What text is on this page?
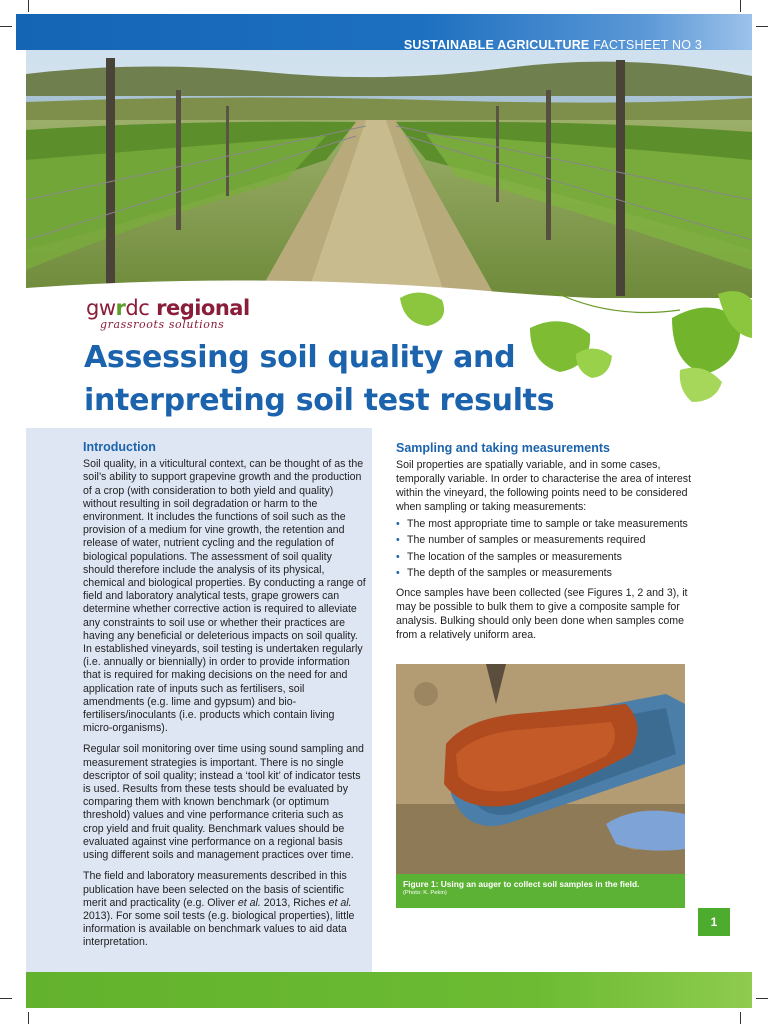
SUSTAINABLE AGRICULTURE FACTSHEET NO 3
gwrdc regional
grassroots solutions
Assessing soil quality and
interpreting soil test results
Introduction

Soil quality, in a viticultural context, can be thought of as the soil’s ability to support grapevine growth and the production of a crop (with consideration to both yield and quality) without resulting in soil degradation or harm to the environment. It includes the functions of soil such as the provision of a medium for vine growth, the retention and release of water, nutrient cycling and the regulation of biological populations. The assessment of soil quality should therefore include the analysis of its physical, chemical and biological properties. By conducting a range of field and laboratory analytical tests, grape growers can determine whether corrective action is required to alleviate any constraints to soil use or whether their practices are having any beneficial or deleterious impacts on soil quality. In established vineyards, soil testing is undertaken regularly (i.e. annually or biennially) in order to provide information that is required for making decisions on the need for and application rate of inputs such as fertilisers, soil amendments (e.g. lime and gypsum) and bio-fertilisers/inoculants (i.e. products which contain living micro-organisms).

Regular soil monitoring over time using sound sampling and measurement strategies is important. There is no single descriptor of soil quality; instead a ‘tool kit’ of indicator tests is used. Results from these tests should be evaluated by comparing them with known benchmark (or optimum threshold) values and vine performance criteria such as crop yield and fruit quality. Benchmark values should be evaluated against vine performance on a regional basis using different soils and management practices over time.

The field and laboratory measurements described in this publication have been selected on the basis of scientific merit and practicality (e.g. Oliver et al. 2013, Riches et al. 2013). For some soil tests (e.g. biological properties), little information is available on benchmark values to aid data interpretation.

Sampling and taking measurements

Soil properties are spatially variable, and in some cases, temporally variable. In order to characterise the area of interest within the vineyard, the following points need to be considered when sampling or taking measurements:

• The most appropriate time to sample or take measurements
• The number of samples or measurements required
• The location of the samples or measurements
• The depth of the samples or measurements

Once samples have been collected (see Figures 1, 2 and 3), it may be possible to bulk them to give a composite sample for analysis. Bulking should only been done when samples come from a relatively uniform area.

Figure 1: Using an auger to collect soil samples in the field.
(Photo: K. Pekin)
1
